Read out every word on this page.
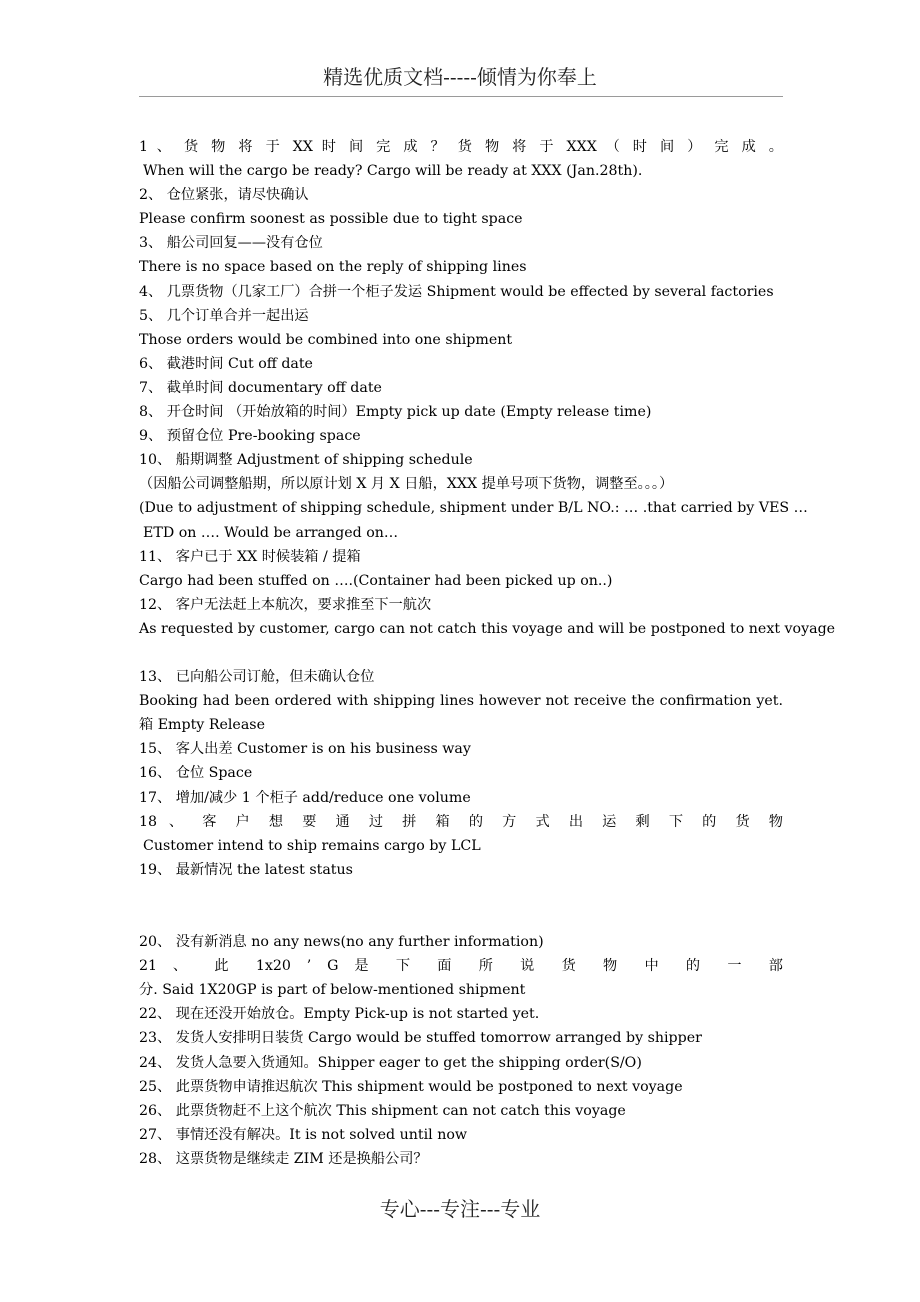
精选优质文档-----倾情为你奉上
1 、 货 物 将 于 XX 时 间 完 成 ？ 货 物 将 于 XXX （ 时 间 ） 完 成 。
When will the cargo be ready? Cargo will be ready at XXX (Jan.28th).
2、 仓位紧张，请尽快确认
Please confirm soonest as possible due to tight space
3、 船公司回复——没有仓位
There is no space based on the reply of shipping lines
4、 几票货物（几家工厂）合拼一个柜子发运 Shipment would be effected by several factories
5、 几个订单合并一起出运
Those orders would be combined into one shipment
6、 截港时间 Cut off date
7、 截单时间 documentary off date
8、 开仓时间 （开始放箱的时间）Empty pick up date (Empty release time)
9、 预留仓位 Pre-booking space
10、 船期调整 Adjustment of shipping schedule
（因船公司调整船期，所以原计划 X 月 X 日船，XXX 提单号项下货物，调整至。。。）
(Due to adjustment of shipping schedule, shipment under B/L NO.: … .that carried by VES …
ETD on …. Would be arranged on…
11、 客户已于 XX 时候装箱 / 提箱
Cargo had been stuffed on ….(Container had been picked up on..)
12、 客户无法赶上本航次，要求推至下一航次
As requested by customer, cargo can not catch this voyage and will be postponed to next voyage
13、 已向船公司订舱，但未确认仓位
Booking had been ordered with shipping lines however not receive the confirmation yet.
箱 Empty Release
15、 客人出差 Customer is on his business way
16、 仓位 Space
17、 增加/减少 1 个柜子 add/reduce one volume
18 、 客 户 想 要 通 过 拼 箱 的 方 式 出 运 剩 下 的 货 物
Customer intend to ship remains cargo by LCL
19、 最新情况 the latest status
20、 没有新消息 no any news(no any further information)
21 、 此 1x20 ’ G 是 下 面 所 说 货 物 中 的 一 部
分. Said 1X20GP is part of below-mentioned shipment
22、 现在还没开始放仓。Empty Pick-up is not started yet.
23、 发货人安排明日装货 Cargo would be stuffed tomorrow arranged by shipper
24、 发货人急要入货通知。Shipper eager to get the shipping order(S/O)
25、 此票货物申请推迟航次 This shipment would be postponed to next voyage
26、 此票货物赶不上这个航次 This shipment can not catch this voyage
27、 事情还没有解决。It is not solved until now
28、 这票货物是继续走 ZIM 还是换船公司？
专心---专注---专业
